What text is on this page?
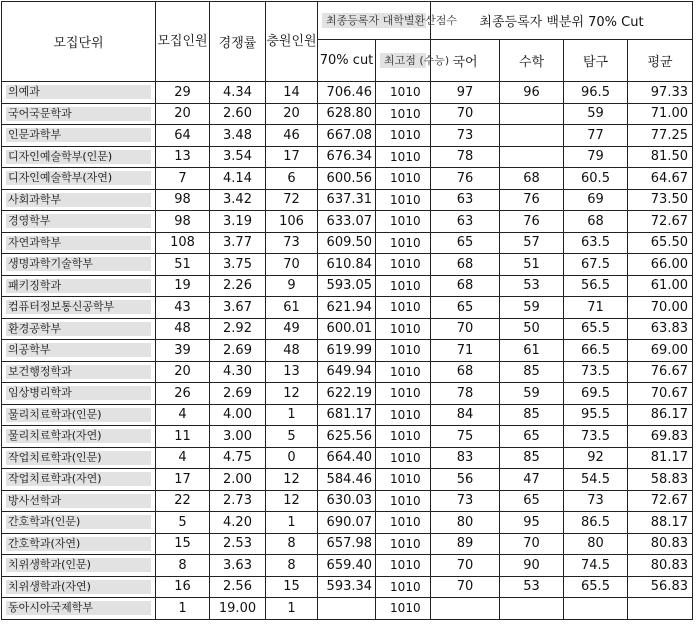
모집단위	모집인원	경쟁률	충원인원	최종등록자 대학별환산점수		최종등록자 백분위 70% Cut			
				70% cut	최고점 (수능)	국어	수학	탐구	평균

의예과	29	4.34	14	706.46	1010	97	96	96.5	97.33

국어국문학과	20	2.60	20	628.80	1010	70		59	71.00

인문과학부	64	3.48	46	667.08	1010	73		77	77.25

디자인예술학부(인문)	13	3.54	17	676.34	1010	78		79	81.50

디자인예술학부(자연)	7	4.14	6	600.56	1010	76	68	60.5	64.67

사회과학부	98	3.42	72	637.31	1010	63	76	69	73.50

경영학부	98	3.19	106	633.07	1010	63	76	68	72.67

자연과학부	108	3.77	73	609.50	1010	65	57	63.5	65.50

생명과학기술학부	51	3.75	70	610.84	1010	68	51	67.5	66.00

패키징학과	19	2.26	9	593.05	1010	68	53	56.5	61.00

컴퓨터정보통신공학부	43	3.67	61	621.94	1010	65	59	71	70.00

환경공학부	48	2.92	49	600.01	1010	70	50	65.5	63.83

의공학부	39	2.69	48	619.99	1010	71	61	66.5	69.00

보건행정학과	20	4.30	13	649.94	1010	68	85	73.5	76.67

임상병리학과	26	2.69	12	622.19	1010	78	59	69.5	70.67

물리치료학과(인문)	4	4.00	1	681.17	1010	84	85	95.5	86.17

물리치료학과(자연)	11	3.00	5	625.56	1010	75	65	73.5	69.83

작업치료학과(인문)	4	4.75	0	664.40	1010	83	85	92	81.17

작업치료학과(자연)	17	2.00	12	584.46	1010	56	47	54.5	58.83

방사선학과	22	2.73	12	630.03	1010	73	65	73	72.67

간호학과(인문)	5	4.20	1	690.07	1010	80	95	86.5	88.17

간호학과(자연)	15	2.53	8	657.98	1010	89	70	80	80.83

치위생학과(인문)	8	3.63	8	659.40	1010	70	90	74.5	80.83

치위생학과(자연)	16	2.56	15	593.34	1010	70	53	65.5	56.83

동아시아국제학부	1	19.00	1		1010				
